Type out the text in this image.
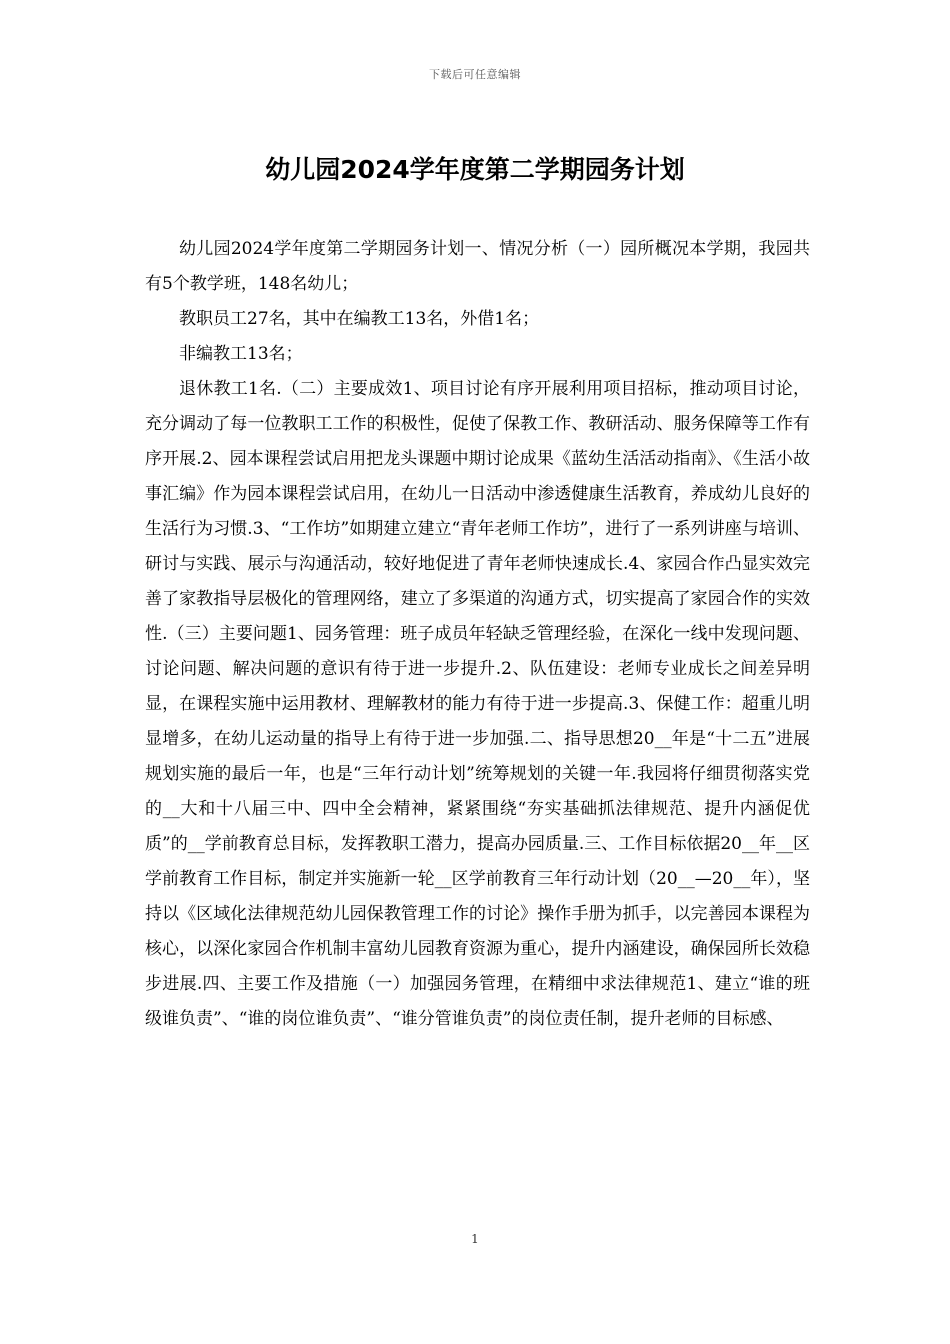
下载后可任意编辑
幼儿园2024学年度第二学期园务计划

幼儿园2024学年度第二学期园务计划一、情况分析（一）园所概况本学期，我园共有5个教学班，148名幼儿；

教职员工27名，其中在编教工13名，外借1名；

非编教工13名；

退休教工1名.（二）主要成效1、项目讨论有序开展利用项目招标，推动项目讨论，充分调动了每一位教职工工作的积极性，促使了保教工作、教研活动、服务保障等工作有序开展.2、园本课程尝试启用把龙头课题中期讨论成果《蓝幼生活活动指南》、《生活小故事汇编》作为园本课程尝试启用，在幼儿一日活动中渗透健康生活教育，养成幼儿良好的生活行为习惯.3、“工作坊”如期建立建立“青年老师工作坊”，进行了一系列讲座与培训、研讨与实践、展示与沟通活动，较好地促进了青年老师快速成长.4、家园合作凸显实效完善了家教指导层极化的管理网络，建立了多渠道的沟通方式，切实提高了家园合作的实效性.（三）主要问题1、园务管理：班子成员年轻缺乏管理经验，在深化一线中发现问题、讨论问题、解决问题的意识有待于进一步提升.2、队伍建设：老师专业成长之间差异明显，在课程实施中运用教材、理解教材的能力有待于进一步提高.3、保健工作：超重儿明显增多，在幼儿运动量的指导上有待于进一步加强.二、指导思想20__年是“十二五”进展规划实施的最后一年，也是“三年行动计划”统筹规划的关键一年.我园将仔细贯彻落实党的__大和十八届三中、四中全会精神，紧紧围绕“夯实基础抓法律规范、提升内涵促优质”的__学前教育总目标，发挥教职工潜力，提高办园质量.三、工作目标依据20__年__区学前教育工作目标，制定并实施新一轮__区学前教育三年行动计划（20__—20__年），坚持以《区域化法律规范幼儿园保教管理工作的讨论》操作手册为抓手，以完善园本课程为核心，以深化家园合作机制丰富幼儿园教育资源为重心，提升内涵建设，确保园所长效稳步进展.四、主要工作及措施（一）加强园务管理，在精细中求法律规范1、建立“谁的班级谁负责”、“谁的岗位谁负责”、“谁分管谁负责”的岗位责任制，提升老师的目标感、

1
